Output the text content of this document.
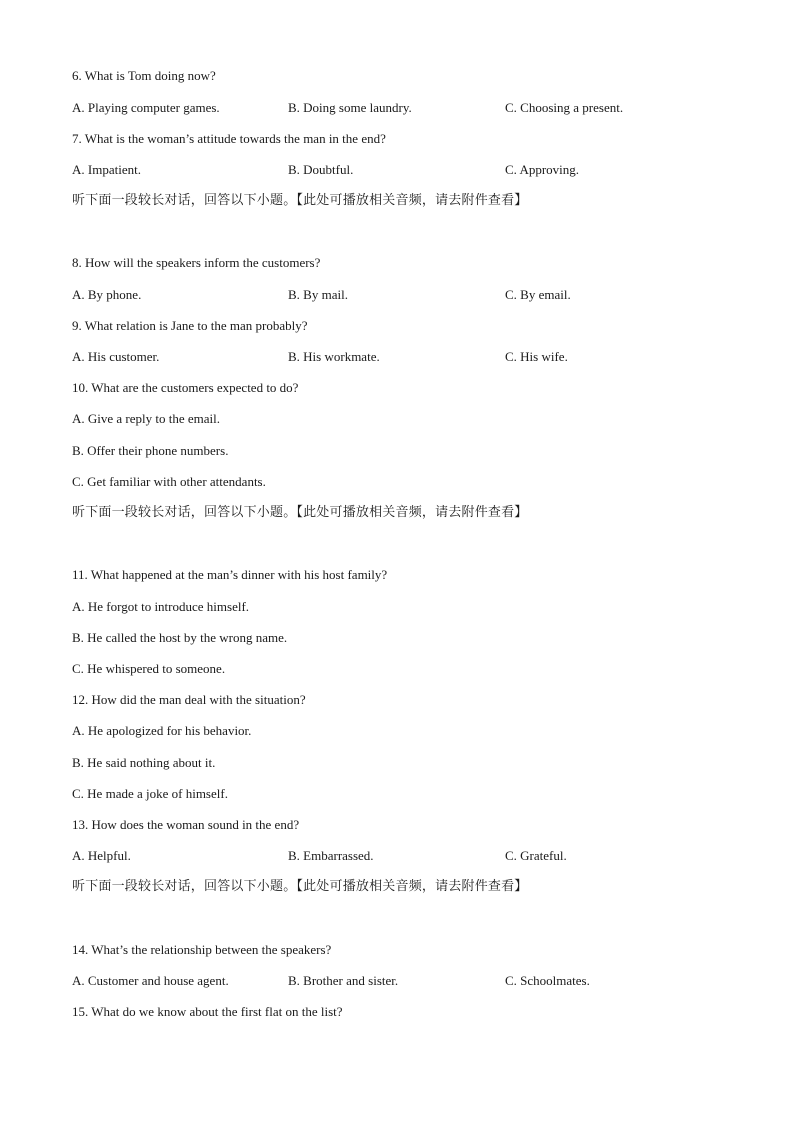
6. What is Tom doing now?
A. Playing computer games.	B. Doing some laundry.	C. Choosing a present.
7. What is the woman’s attitude towards the man in the end?
A. Impatient.	B. Doubtful.	C. Approving.
听下面一段较长对话，回答以下小题。【此处可播放相关音频，请去附件查看】
8. How will the speakers inform the customers?
A. By phone.	B. By mail.	C. By email.
9. What relation is Jane to the man probably?
A. His customer.	B. His workmate.	C. His wife.
10. What are the customers expected to do?
A. Give a reply to the email.
B. Offer their phone numbers.
C. Get familiar with other attendants.
听下面一段较长对话，回答以下小题。【此处可播放相关音频，请去附件查看】
11. What happened at the man’s dinner with his host family?
A. He forgot to introduce himself.
B. He called the host by the wrong name.
C. He whispered to someone.
12. How did the man deal with the situation?
A. He apologized for his behavior.
B. He said nothing about it.
C. He made a joke of himself.
13. How does the woman sound in the end?
A. Helpful.	B. Embarrassed.	C. Grateful.
听下面一段较长对话，回答以下小题。【此处可播放相关音频，请去附件查看】
14. What’s the relationship between the speakers?
A. Customer and house agent.	B. Brother and sister.	C. Schoolmates.
15. What do we know about the first flat on the list?
